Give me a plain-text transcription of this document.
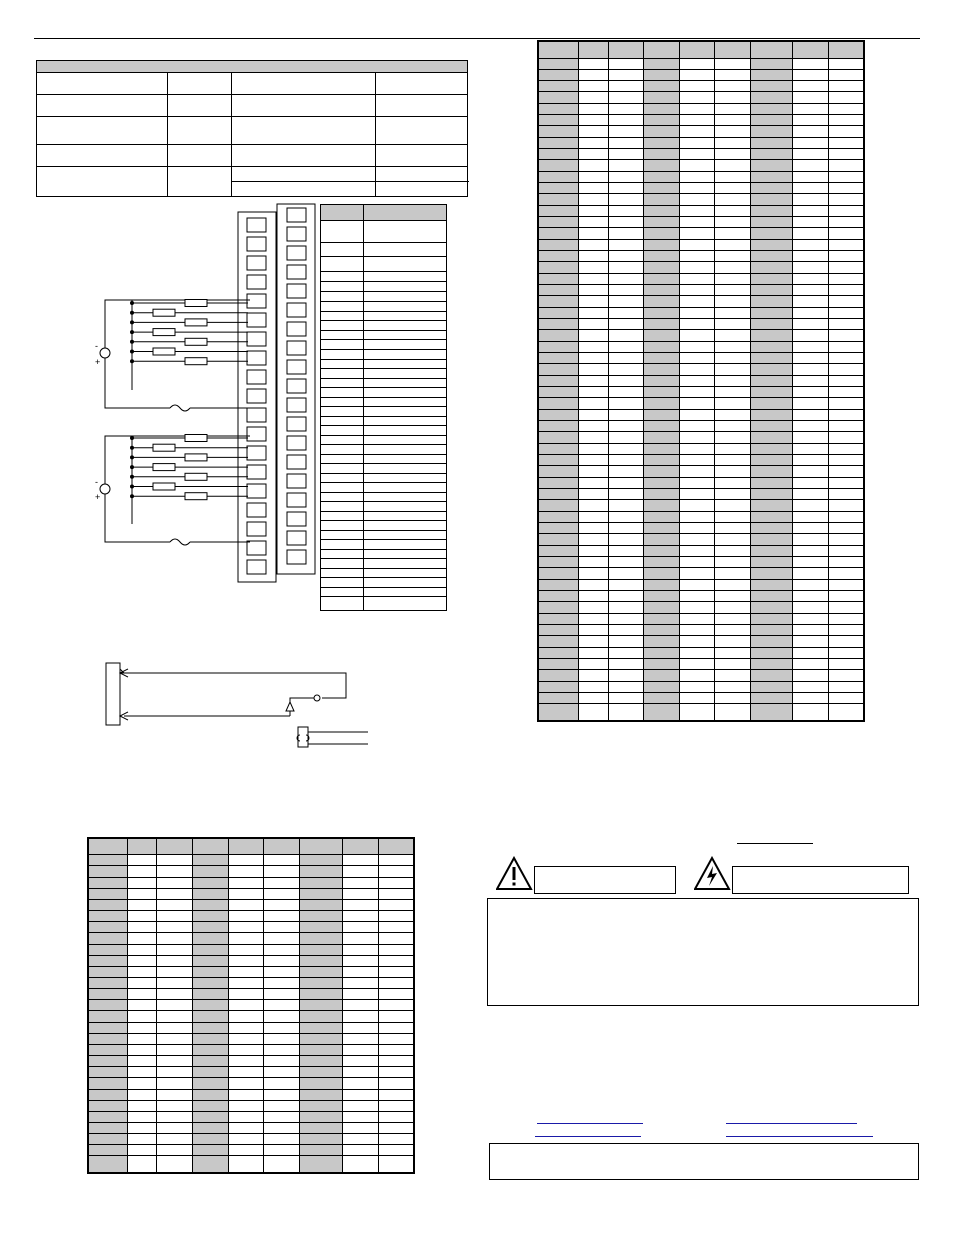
-
+
-
+
